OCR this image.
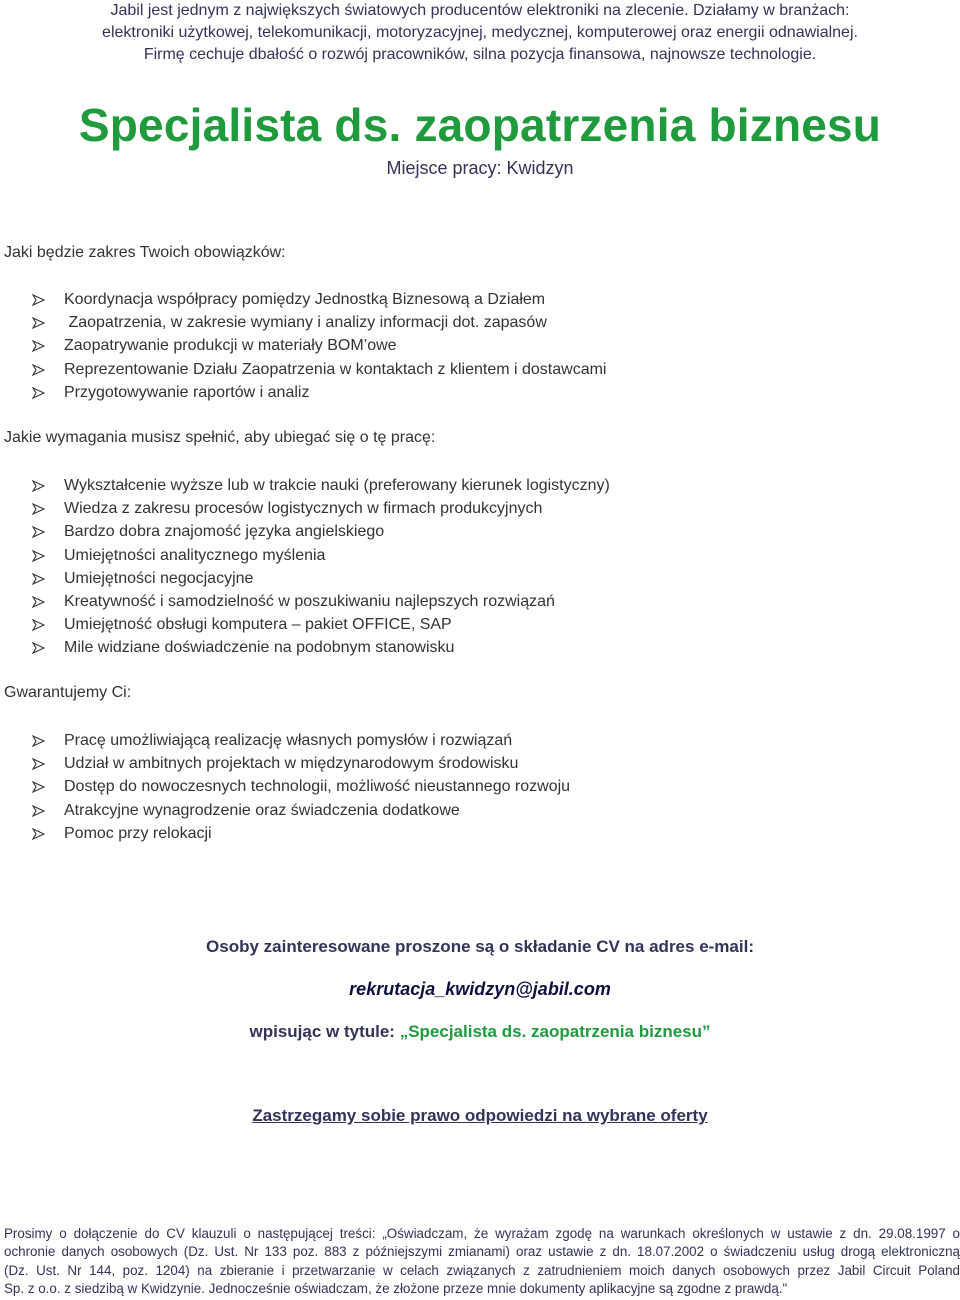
Jabil jest jednym z największych światowych producentów elektroniki na zlecenie. Działamy w branżach:
elektroniki użytkowej, telekomunikacji, motoryzacyjnej, medycznej, komputerowej oraz energii odnawialnej.
Firmę cechuje dbałość o rozwój pracowników, silna pozycja finansowa, najnowsze technologie.
Specjalista ds. zaopatrzenia biznesu
Miejsce pracy: Kwidzyn
Jaki będzie zakres Twoich obowiązków:
Koordynacja współpracy pomiędzy Jednostką Biznesową a Działem
Zaopatrzenia, w zakresie wymiany i analizy informacji dot. zapasów
Zaopatrywanie produkcji w materiały BOM’owe
Reprezentowanie Działu Zaopatrzenia w kontaktach z klientem i dostawcami
Przygotowywanie raportów i analiz
Jakie wymagania musisz spełnić, aby ubiegać się o tę pracę:
Wykształcenie wyższe lub w trakcie nauki (preferowany kierunek logistyczny)
Wiedza z zakresu procesów logistycznych w firmach produkcyjnych
Bardzo dobra znajomość języka angielskiego
Umiejętności analitycznego myślenia
Umiejętności negocjacyjne
Kreatywność i samodzielność w poszukiwaniu najlepszych rozwiązań
Umiejętność obsługi komputera – pakiet OFFICE, SAP
Mile widziane doświadczenie na podobnym stanowisku
Gwarantujemy Ci:
Pracę umożliwiającą realizację własnych pomysłów i rozwiązań
Udział w ambitnych projektach w międzynarodowym środowisku
Dostęp do nowoczesnych technologii, możliwość nieustannego rozwoju
Atrakcyjne wynagrodzenie oraz świadczenia dodatkowe
Pomoc przy relokacji
Osoby zainteresowane proszone są o składanie CV na adres e-mail:
rekrutacja_kwidzyn@jabil.com
wpisując w tytule: „Specjalista ds. zaopatrzenia biznesu”
Zastrzegamy sobie prawo odpowiedzi na wybrane oferty
Prosimy o dołączenie do CV klauzuli o następującej treści: „Oświadczam, że wyrażam zgodę na warunkach określonych w ustawie z dn. 29.08.1997 o
ochronie danych osobowych (Dz. Ust. Nr 133 poz. 883 z późniejszymi zmianami) oraz ustawie z dn. 18.07.2002 o świadczeniu usług drogą elektroniczną
(Dz. Ust. Nr 144, poz. 1204) na zbieranie i przetwarzanie w celach związanych z zatrudnieniem moich danych osobowych przez Jabil Circuit Poland
Sp. z o.o. z siedzibą w Kwidzynie. Jednocześnie oświadczam, że złożone przeze mnie dokumenty aplikacyjne są zgodne z prawdą."
